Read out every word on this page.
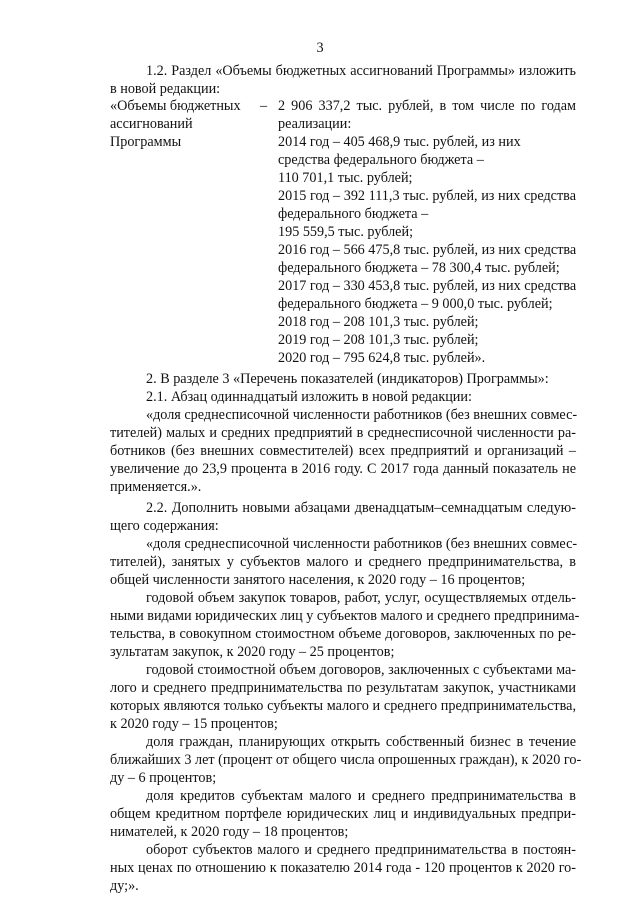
3
1.2. Раздел «Объемы бюджетных ассигнований Программы» изложить
в новой редакции:
«Объемы бюджетных
ассигнований
Программы
– 2 906 337,2 тыс. рублей, в том числе по годам
реализации:
2014 год – 405 468,9 тыс. рублей, из них
средства федерального бюджета –
110 701,1 тыс. рублей;
2015 год – 392 111,3 тыс. рублей, из них средства
федерального бюджета –
195 559,5 тыс. рублей;
2016 год – 566 475,8 тыс. рублей, из них средства
федерального бюджета – 78 300,4 тыс. рублей;
2017 год – 330 453,8 тыс. рублей, из них средства
федерального бюджета – 9 000,0 тыс. рублей;
2018 год – 208 101,3 тыс. рублей;
2019 год – 208 101,3 тыс. рублей;
2020 год – 795 624,8 тыс. рублей».
2. В разделе 3 «Перечень показателей (индикаторов) Программы»:
2.1. Абзац одиннадцатый изложить в новой редакции:
«доля среднесписочной численности работников (без внешних совмес-
тителей) малых и средних предприятий в среднесписочной численности ра-
ботников (без внешних совместителей) всех предприятий и организаций –
увеличение до 23,9 процента в 2016 году. С 2017 года данный показатель не
применяется.».
2.2. Дополнить новыми абзацами двенадцатым–семнадцатым следую-
щего содержания:
«доля среднесписочной численности работников (без внешних совмес-
тителей), занятых у субъектов малого и среднего предпринимательства, в
общей численности занятого населения, к 2020 году – 16 процентов;
годовой объем закупок товаров, работ, услуг, осуществляемых отдель-
ными видами юридических лиц у субъектов малого и среднего предпринима-
тельства, в совокупном стоимостном объеме договоров, заключенных по ре-
зультатам закупок, к 2020 году – 25 процентов;
годовой стоимостной объем договоров, заключенных с субъектами ма-
лого и среднего предпринимательства по результатам закупок, участниками
которых являются только субъекты малого и среднего предпринимательства,
к 2020 году – 15 процентов;
доля граждан, планирующих открыть собственный бизнес в течение
ближайших 3 лет (процент от общего числа опрошенных граждан), к 2020 го-
ду – 6 процентов;
доля кредитов субъектам малого и среднего предпринимательства в
общем кредитном портфеле юридических лиц и индивидуальных предпри-
нимателей, к 2020 году – 18 процентов;
оборот субъектов малого и среднего предпринимательства в постоян-
ных ценах по отношению к показателю 2014 года - 120 процентов к 2020 го-
ду;».
